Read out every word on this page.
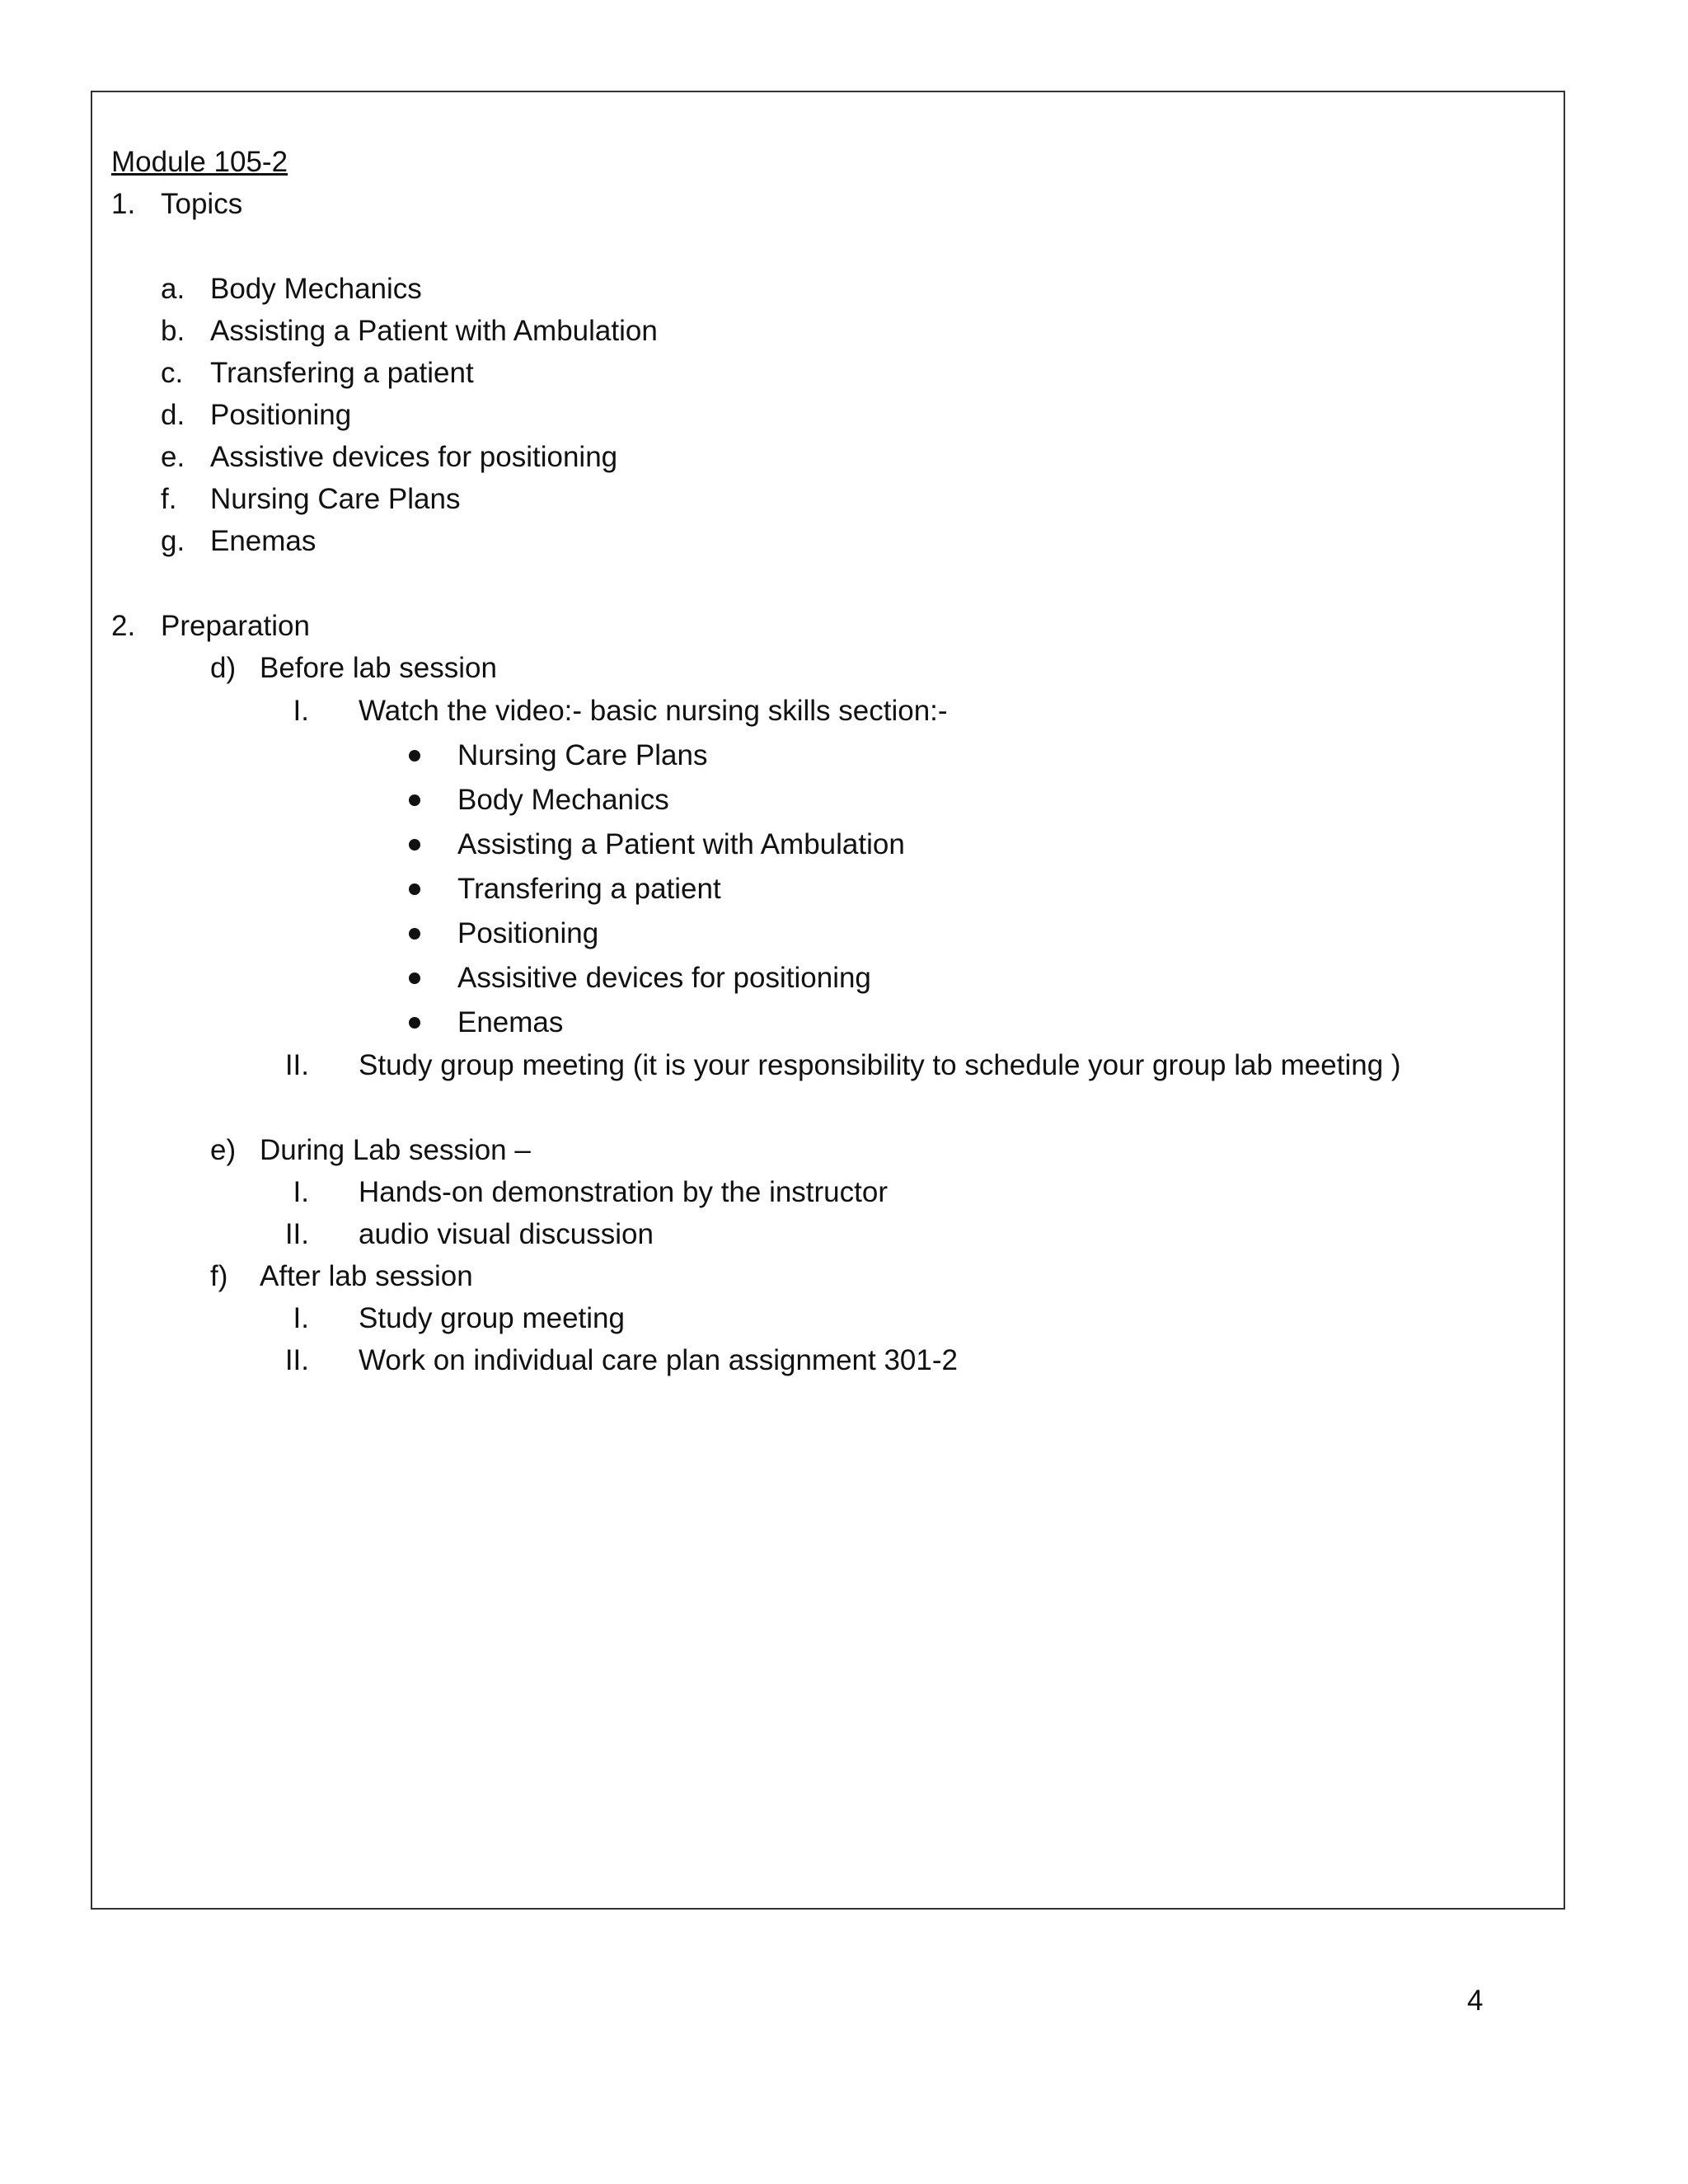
Module 105-2
1. Topics
a. Body Mechanics
b. Assisting a Patient with Ambulation
c. Transfering a patient
d. Positioning
e. Assistive devices for positioning
f. Nursing Care Plans
g. Enemas
2. Preparation
d) Before lab session
I. Watch the video:- basic nursing skills section:-
Nursing Care Plans
Body Mechanics
Assisting a Patient with Ambulation
Transfering a patient
Positioning
Assisitive devices for positioning
Enemas
II. Study group meeting (it is your responsibility to schedule your group lab meeting )
e) During Lab session –
I. Hands-on demonstration by the instructor
II. audio visual discussion
f) After lab session
I. Study group meeting
II. Work on individual care plan assignment 301-2
4
